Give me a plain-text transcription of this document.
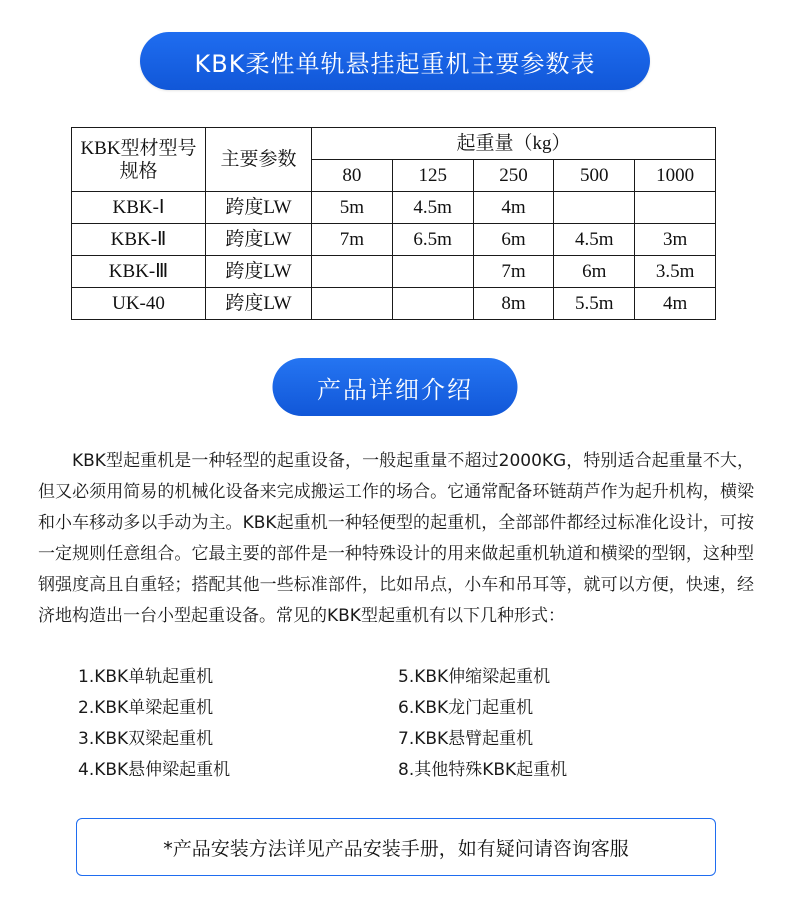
KBK柔性单轨悬挂起重机主要参数表
KBK型材型号规格	主要参数	起重量（kg）				
		80	125	250	500	1000
KBK-Ⅰ	跨度LW	5m	4.5m	4m		
KBK-Ⅱ	跨度LW	7m	6.5m	6m	4.5m	3m
KBK-Ⅲ	跨度LW			7m	6m	3.5m
UK-40	跨度LW			8m	5.5m	4m
产品详细介绍
KBK型起重机是一种轻型的起重设备，一般起重量不超过2000KG，特别适合起重量不大，但又必须用简易的机械化设备来完成搬运工作的场合。它通常配备环链葫芦作为起升机构，横梁和小车移动多以手动为主。KBK起重机一种轻便型的起重机，全部部件都经过标准化设计，可按一定规则任意组合。它最主要的部件是一种特殊设计的用来做起重机轨道和横梁的型钢，这种型钢强度高且自重轻；搭配其他一些标准部件，比如吊点，小车和吊耳等，就可以方便，快速，经济地构造出一台小型起重设备。常见的KBK型起重机有以下几种形式：
1.KBK单轨起重机
2.KBK单梁起重机
3.KBK双梁起重机
4.KBK悬伸梁起重机
5.KBK伸缩梁起重机
6.KBK龙门起重机
7.KBK悬臂起重机
8.其他特殊KBK起重机
*产品安装方法详见产品安装手册，如有疑问请咨询客服
